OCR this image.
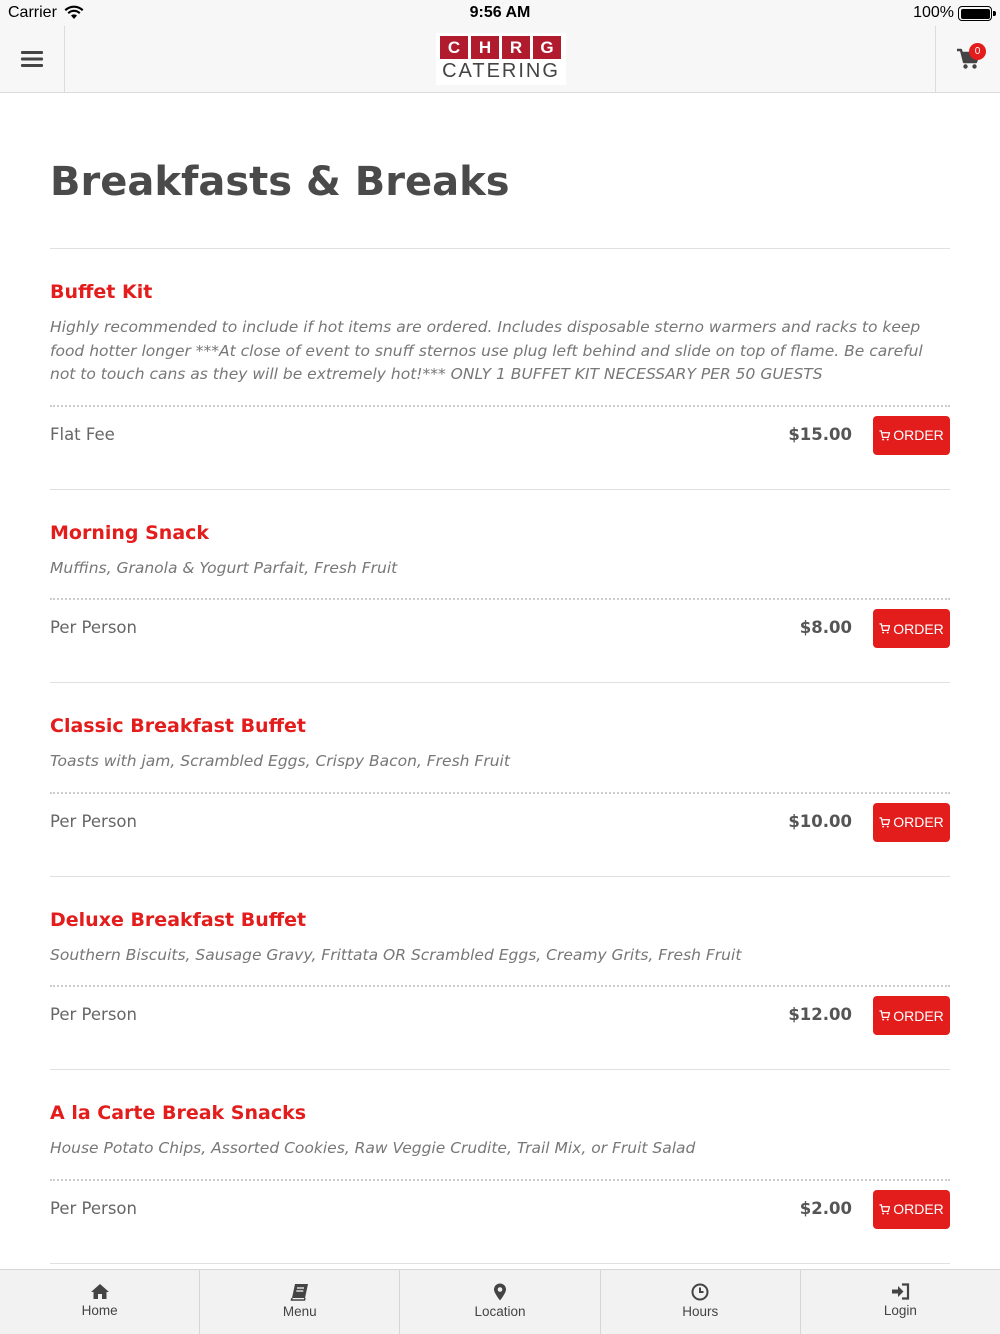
Carrier	9:56 AM	100%
C	H	R	G
CATERING
0
Breakfasts & Breaks
Buffet Kit
Highly recommended to include if hot items are ordered. Includes disposable sterno warmers and racks to keep food hotter longer ***At close of event to snuff sternos use plug left behind and slide on top of flame. Be careful not to touch cans as they will be extremely hot!*** ONLY 1 BUFFET KIT NECESSARY PER 50 GUESTS
Flat Fee	$15.00	ORDER
Morning Snack
Muffins, Granola & Yogurt Parfait, Fresh Fruit
Per Person	$8.00	ORDER
Classic Breakfast Buffet
Toasts with jam, Scrambled Eggs, Crispy Bacon, Fresh Fruit
Per Person	$10.00	ORDER
Deluxe Breakfast Buffet
Southern Biscuits, Sausage Gravy, Frittata OR Scrambled Eggs, Creamy Grits, Fresh Fruit
Per Person	$12.00	ORDER
A la Carte Break Snacks
House Potato Chips, Assorted Cookies, Raw Veggie Crudite, Trail Mix, or Fruit Salad
Per Person	$2.00	ORDER
Home	Menu	Location	Hours	Login
